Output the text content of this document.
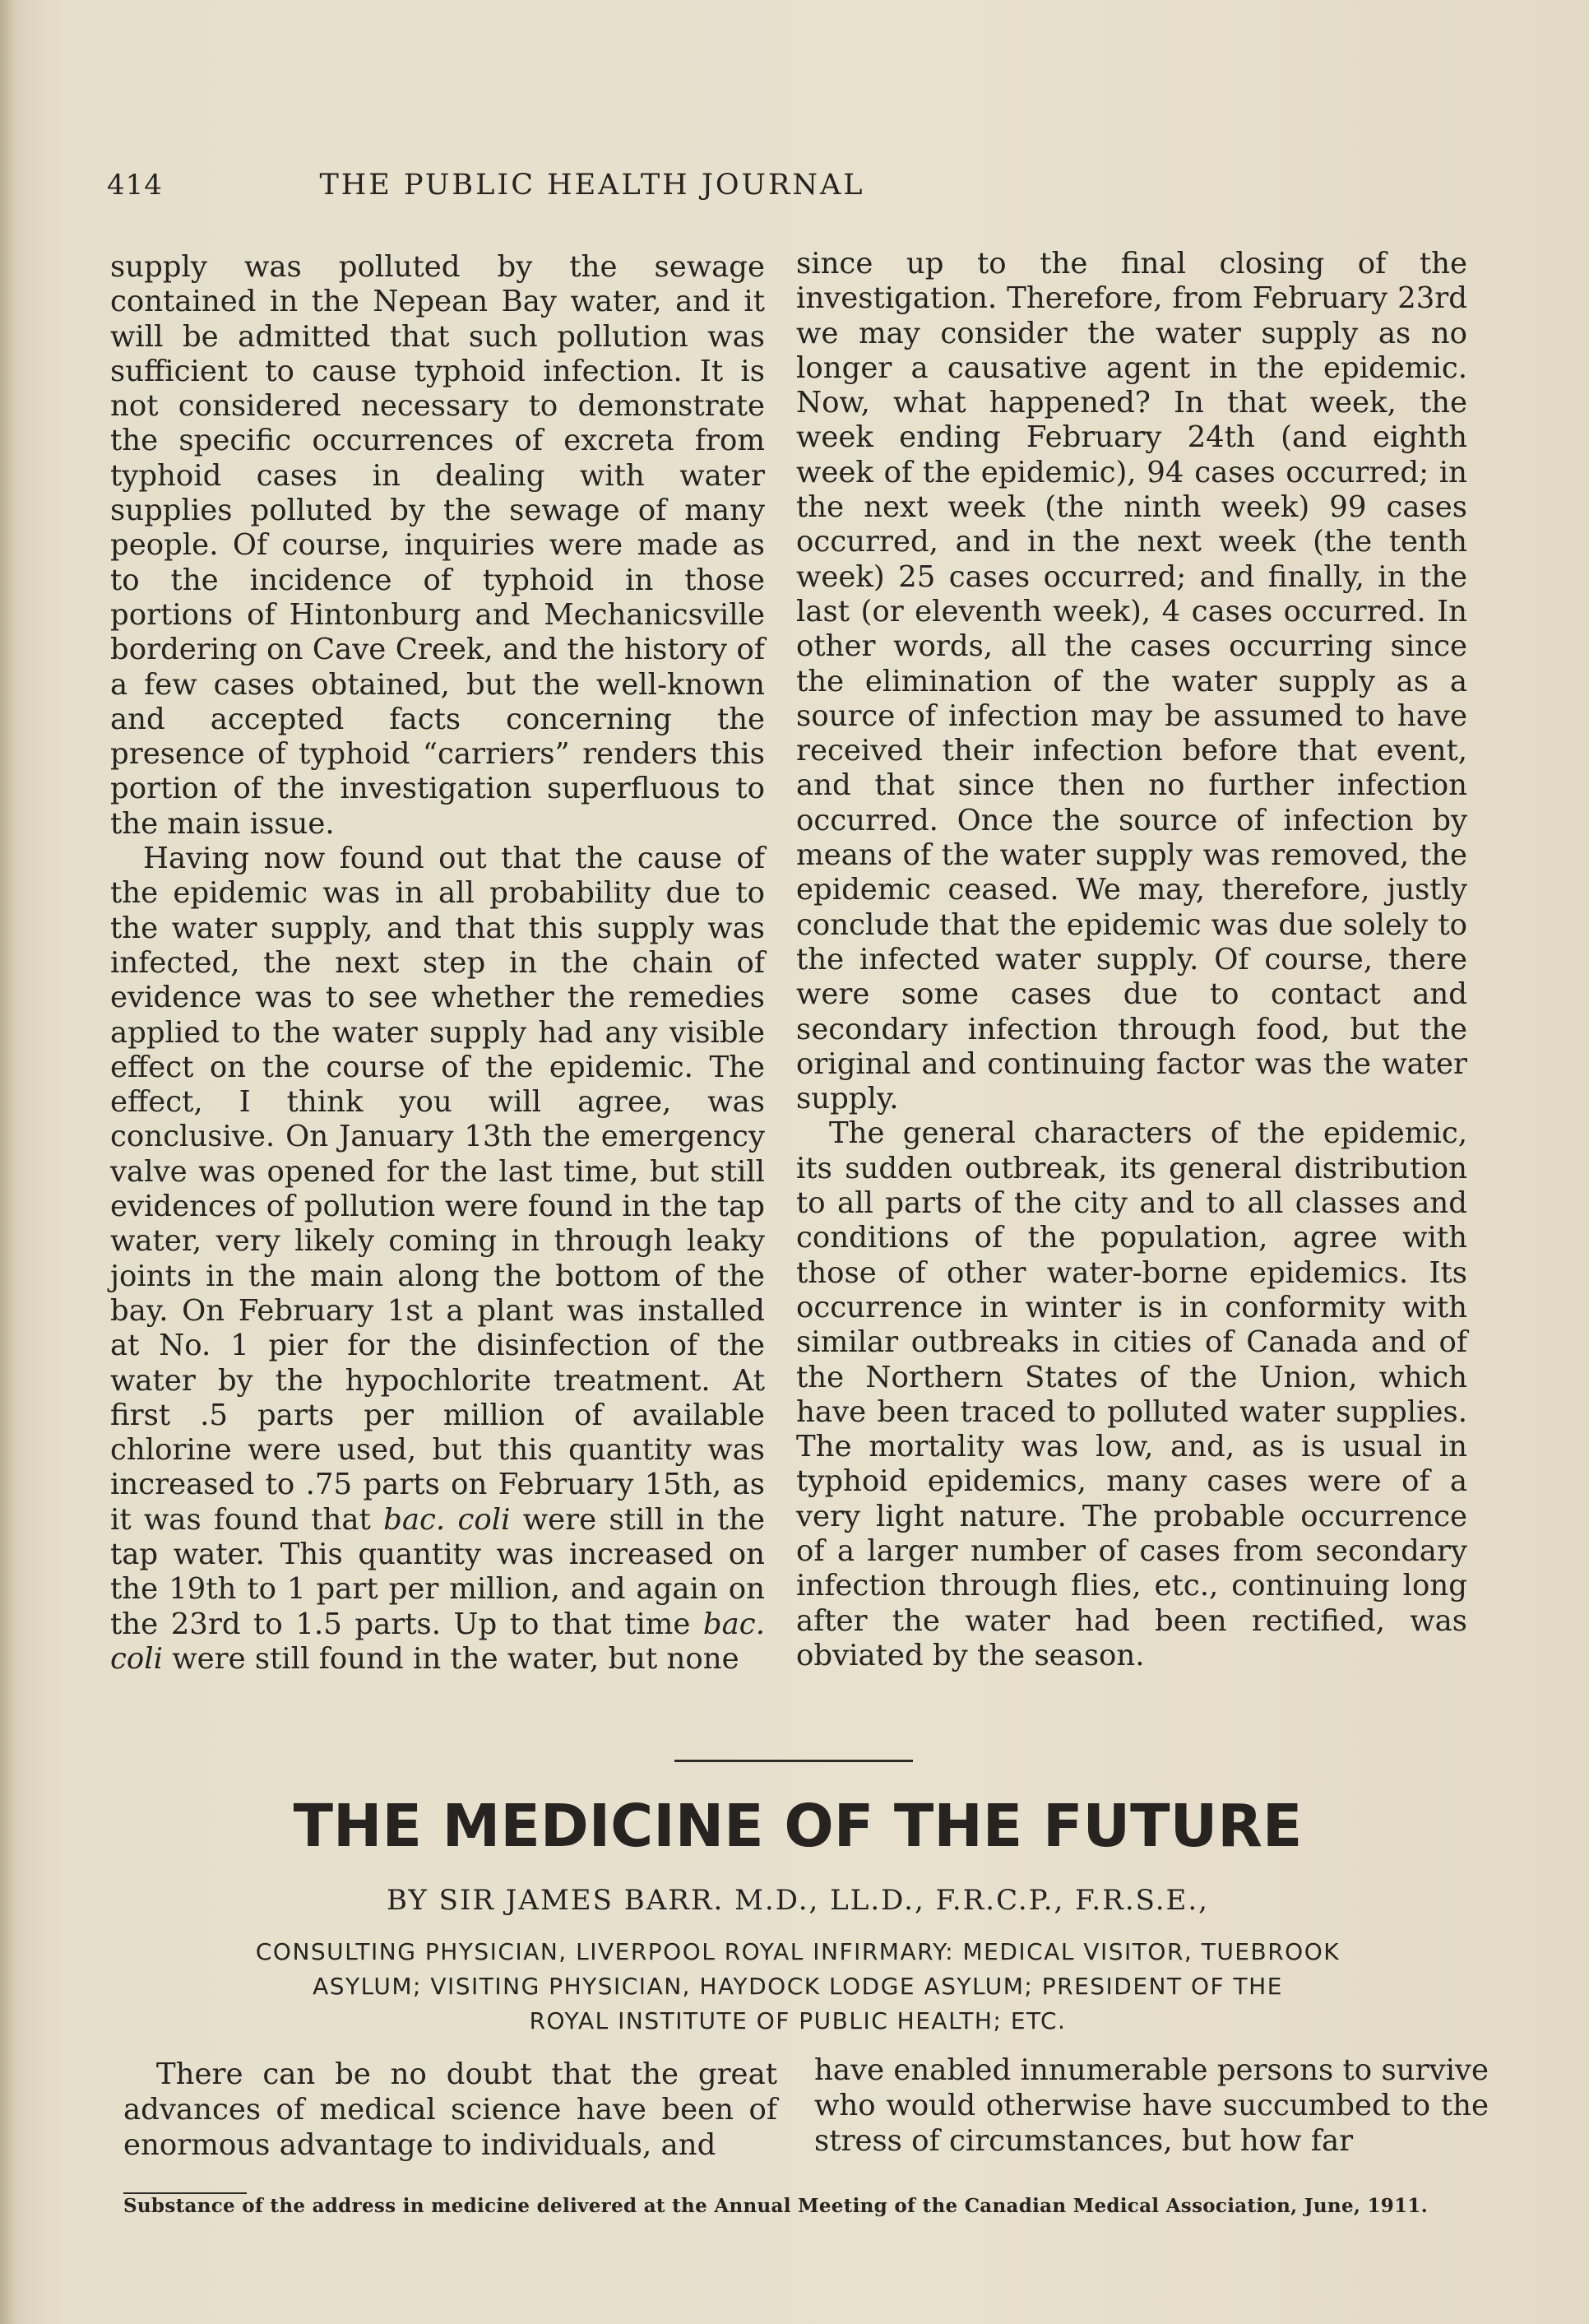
414	THE PUBLIC HEALTH JOURNAL

supply was polluted by the sewage contained in the Nepean Bay water, and it will be admitted that such pollution was sufficient to cause typhoid infection. It is not considered necessary to demonstrate the specific occurrences of excreta from typhoid cases in dealing with water supplies polluted by the sewage of many people. Of course, inquiries were made as to the incidence of typhoid in those portions of Hintonburg and Mechanicsville bordering on Cave Creek, and the history of a few cases obtained, but the well-known and accepted facts concerning the presence of typhoid “carriers” renders this portion of the investigation superfluous to the main issue.

Having now found out that the cause of the epidemic was in all probability due to the water supply, and that this supply was infected, the next step in the chain of evidence was to see whether the remedies applied to the water supply had any visible effect on the course of the epidemic. The effect, I think you will agree, was conclusive. On January 13th the emergency valve was opened for the last time, but still evidences of pollution were found in the tap water, very likely coming in through leaky joints in the main along the bottom of the bay. On February 1st a plant was installed at No. 1 pier for the disinfection of the water by the hypochlorite treatment. At first .5 parts per million of available chlorine were used, but this quantity was increased to .75 parts on February 15th, as it was found that bac. coli were still in the tap water. This quantity was increased on the 19th to 1 part per million, and again on the 23rd to 1.5 parts. Up to that time bac. coli were still found in the water, but none

since up to the final closing of the investigation. Therefore, from February 23rd we may consider the water supply as no longer a causative agent in the epidemic. Now, what happened? In that week, the week ending February 24th (and eighth week of the epidemic), 94 cases occurred; in the next week (the ninth week) 99 cases occurred, and in the next week (the tenth week) 25 cases occurred; and finally, in the last (or eleventh week), 4 cases occurred. In other words, all the cases occurring since the elimination of the water supply as a source of infection may be assumed to have received their infection before that event, and that since then no further infection occurred. Once the source of infection by means of the water supply was removed, the epidemic ceased. We may, therefore, justly conclude that the epidemic was due solely to the infected water supply. Of course, there were some cases due to contact and secondary infection through food, but the original and continuing factor was the water supply.

The general characters of the epidemic, its sudden outbreak, its general distribution to all parts of the city and to all classes and conditions of the population, agree with those of other water-borne epidemics. Its occurrence in winter is in conformity with similar outbreaks in cities of Canada and of the Northern States of the Union, which have been traced to polluted water supplies. The mortality was low, and, as is usual in typhoid epidemics, many cases were of a very light nature. The probable occurrence of a larger number of cases from secondary infection through flies, etc., continuing long after the water had been rectified, was obviated by the season.

THE MEDICINE OF THE FUTURE
BY SIR JAMES BARR. M.D., LL.D., F.R.C.P., F.R.S.E.,
CONSULTING PHYSICIAN, LIVERPOOL ROYAL INFIRMARY: MEDICAL VISITOR, TUEBROOK
ASYLUM; VISITING PHYSICIAN, HAYDOCK LODGE ASYLUM; PRESIDENT OF THE
ROYAL INSTITUTE OF PUBLIC HEALTH; ETC.

There can be no doubt that the great advances of medical science have been of enormous advantage to individuals, and

have enabled innumerable persons to survive who would otherwise have succumbed to the stress of circumstances, but how far

Substance of the address in medicine delivered at the Annual Meeting of the Canadian Medical Association, June, 1911.
